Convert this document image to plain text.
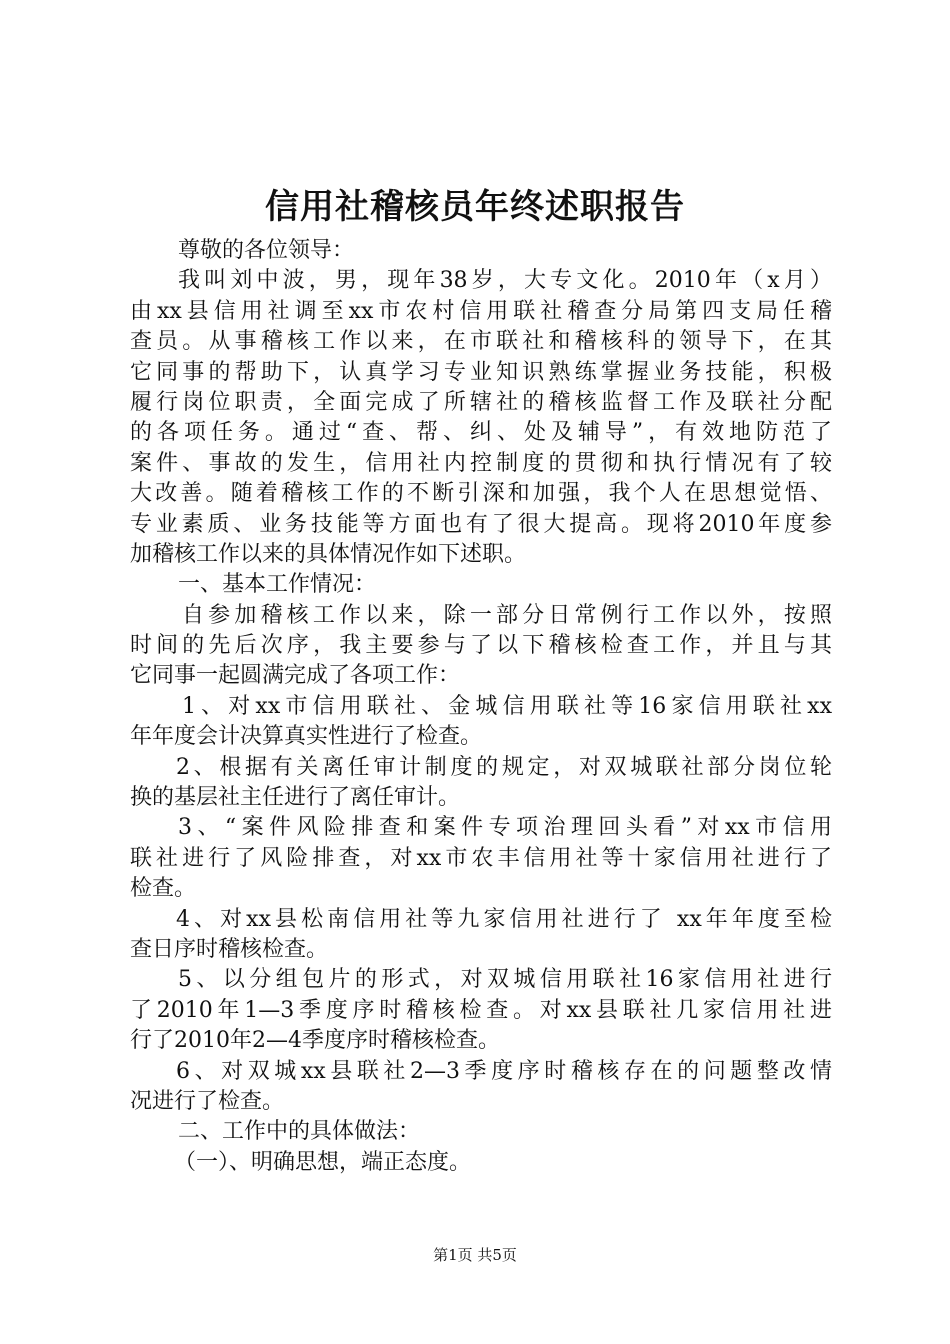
信用社稽核员年终述职报告
尊敬的各位领导：
我叫刘中波，男，现年38岁，大专文化。2010年（x月）
由xx县信用社调至xx市农村信用联社稽查分局第四支局任稽
查员。从事稽核工作以来，在市联社和稽核科的领导下，在其
它同事的帮助下，认真学习专业知识熟练掌握业务技能，积极
履行岗位职责，全面完成了所辖社的稽核监督工作及联社分配
的各项任务。通过“查、帮、纠、处及辅导”，有效地防范了
案件、事故的发生，信用社内控制度的贯彻和执行情况有了较
大改善。随着稽核工作的不断引深和加强，我个人在思想觉悟、
专业素质、业务技能等方面也有了很大提高。现将2010年度参
加稽核工作以来的具体情况作如下述职。
一、基本工作情况：
自参加稽核工作以来，除一部分日常例行工作以外，按照
时间的先后次序，我主要参与了以下稽核检查工作，并且与其
它同事一起圆满完成了各项工作：
1、对xx市信用联社、金城信用联社等16家信用联社xx
年年度会计决算真实性进行了检查。
2、根据有关离任审计制度的规定，对双城联社部分岗位轮
换的基层社主任进行了离任审计。
3、“案件风险排查和案件专项治理回头看”对xx市信用
联社进行了风险排查，对xx市农丰信用社等十家信用社进行了
检查。
4、对xx县松南信用社等九家信用社进行了 xx年年度至检
查日序时稽核检查。
5、以分组包片的形式，对双城信用联社16家信用社进行
了2010年1—3季度序时稽核检查。对xx县联社几家信用社进
行了2010年2—4季度序时稽核检查。
6、对双城xx县联社2—3季度序时稽核存在的问题整改情
况进行了检查。
二、工作中的具体做法：
（一）、明确思想，端正态度。
第1页 共5页
